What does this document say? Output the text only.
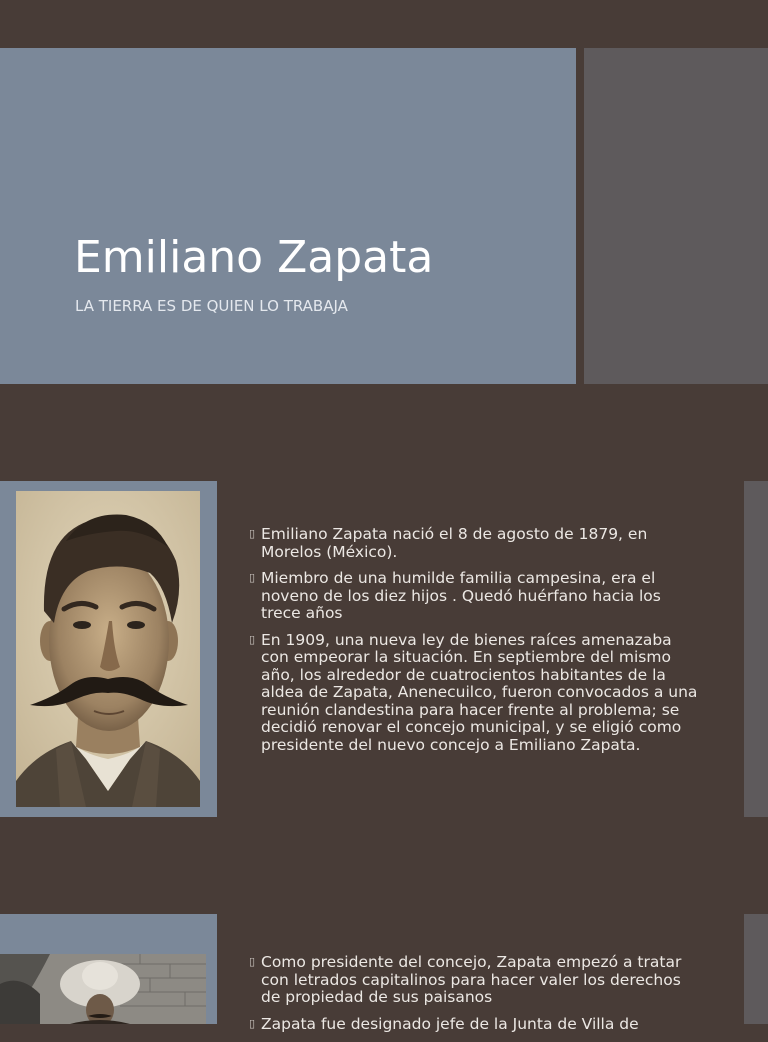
Emiliano Zapata

LA TIERRA ES DE QUIEN LO TRABAJA

▯ Emiliano Zapata nació el 8 de agosto de 1879, en Morelos (México).
▯ Miembro de una humilde familia campesina, era el noveno de los diez hijos . Quedó huérfano hacia los trece años
▯ En 1909, una nueva ley de bienes raíces amenazaba con empeorar la situación. En septiembre del mismo año, los alrededor de cuatrocientos habitantes de la aldea de Zapata, Anenecuilco, fueron convocados a una reunión clandestina para hacer frente al problema; se decidió renovar el concejo municipal, y se eligió como presidente del nuevo concejo a Emiliano Zapata.
▯ Como presidente del concejo, Zapata empezó a tratar con letrados capitalinos para hacer valer los derechos de propiedad de sus paisanos
▯ Zapata fue designado jefe de la Junta de Villa de
